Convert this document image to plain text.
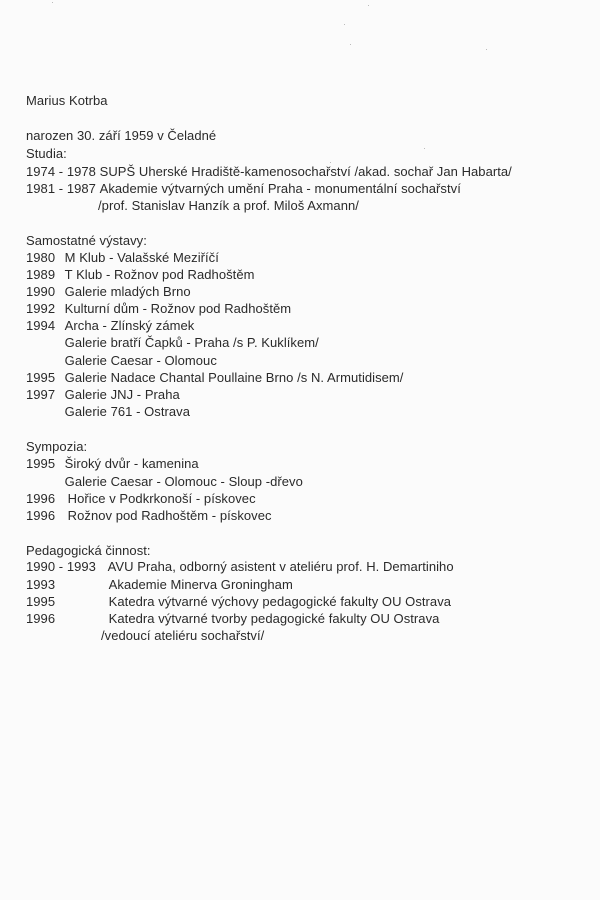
Marius Kotrba
narozen 30. září 1959 v Čeladné
Studia:
1974 - 1978 SUPŠ Uherské Hradiště-kamenosochařství /akad. sochař Jan Habarta/
1981 - 1987 Akademie výtvarných umění Praha - monumentální sochařství
/prof. Stanislav Hanzík a prof. Miloš Axmann/
Samostatné výstavy:
1980 M Klub - Valašské Meziříčí
1989 T Klub - Rožnov pod Radhoštěm
1990 Galerie mladých Brno
1992 Kulturní dům - Rožnov pod Radhoštěm
1994 Archa - Zlínský zámek
Galerie bratří Čapků - Praha /s P. Kuklíkem/
Galerie Caesar - Olomouc
1995 Galerie Nadace Chantal Poullaine Brno /s N. Armutidisem/
1997 Galerie JNJ - Praha
Galerie 761 - Ostrava
Sympozia:
1995 Široký dvůr - kamenina
Galerie Caesar - Olomouc - Sloup -dřevo
1996 Hořice v Podkrkonoší - pískovec
1996 Rožnov pod Radhoštěm - pískovec
Pedagogická činnost:
1990 - 1993 AVU Praha, odborný asistent v ateliéru prof. H. Demartiniho
1993	Akademie Minerva Groningham
1995	Katedra výtvarné výchovy pedagogické fakulty OU Ostrava
1996	Katedra výtvarné tvorby pedagogické fakulty OU Ostrava
/vedoucí ateliéru sochařství/
